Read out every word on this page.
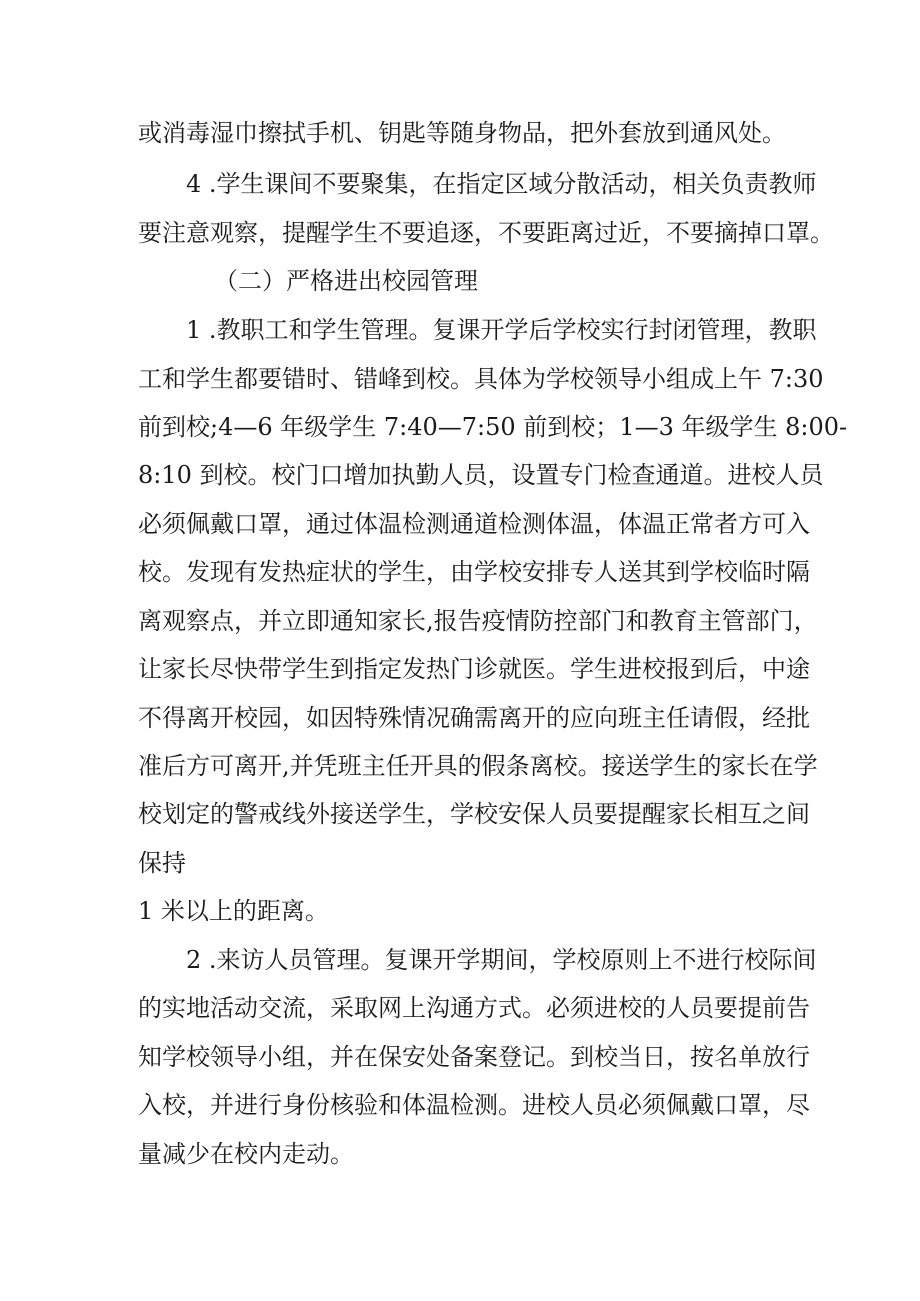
或消毒湿巾擦拭手机、钥匙等随身物品，把外套放到通风处。

4 .学生课间不要聚集，在指定区域分散活动，相关负责教师

要注意观察，提醒学生不要追逐，不要距离过近，不要摘掉口罩。

（二）严格进出校园管理

1 .教职工和学生管理。复课开学后学校实行封闭管理，教职

工和学生都要错时、错峰到校。具体为学校领导小组成上午 7:30

前到校;4—6 年级学生 7:40—7:50 前到校；1—3 年级学生 8:00-

8:10 到校。校门口增加执勤人员，设置专门检查通道。进校人员

必须佩戴口罩，通过体温检测通道检测体温，体温正常者方可入

校。发现有发热症状的学生，由学校安排专人送其到学校临时隔

离观察点，并立即通知家长,报告疫情防控部门和教育主管部门，

让家长尽快带学生到指定发热门诊就医。学生进校报到后，中途

不得离开校园，如因特殊情况确需离开的应向班主任请假，经批

准后方可离开,并凭班主任开具的假条离校。接送学生的家长在学

校划定的警戒线外接送学生，学校安保人员要提醒家长相互之间

保持

1 米以上的距离。

2 .来访人员管理。复课开学期间，学校原则上不进行校际间

的实地活动交流，采取网上沟通方式。必须进校的人员要提前告

知学校领导小组，并在保安处备案登记。到校当日，按名单放行

入校，并进行身份核验和体温检测。进校人员必须佩戴口罩，尽

量减少在校内走动。
